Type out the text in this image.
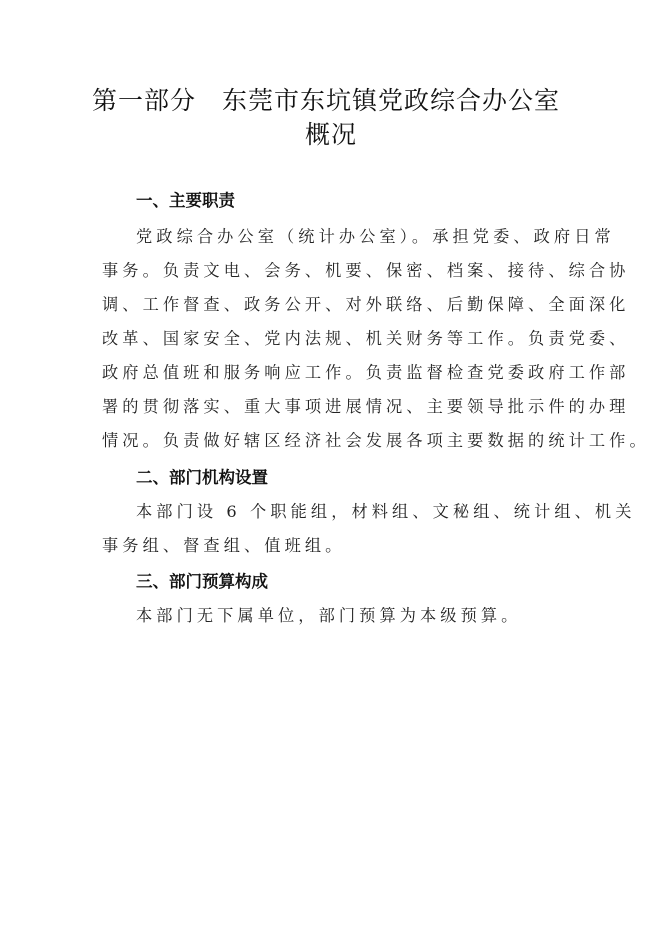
第一部分　东莞市东坑镇党政综合办公室
概况
一、主要职责
党政综合办公室（统计办公室）。承担党委、政府日常
事务。负责文电、会务、机要、保密、档案、接待、综合协
调、工作督查、政务公开、对外联络、后勤保障、全面深化
改革、国家安全、党内法规、机关财务等工作。负责党委、
政府总值班和服务响应工作。负责监督检查党委政府工作部
署的贯彻落实、重大事项进展情况、主要领导批示件的办理
情况。负责做好辖区经济社会发展各项主要数据的统计工作。
二、部门机构设置
本部门设 6 个职能组，材料组、文秘组、统计组、机关
事务组、督查组、值班组。
三、部门预算构成
本部门无下属单位，部门预算为本级预算。
